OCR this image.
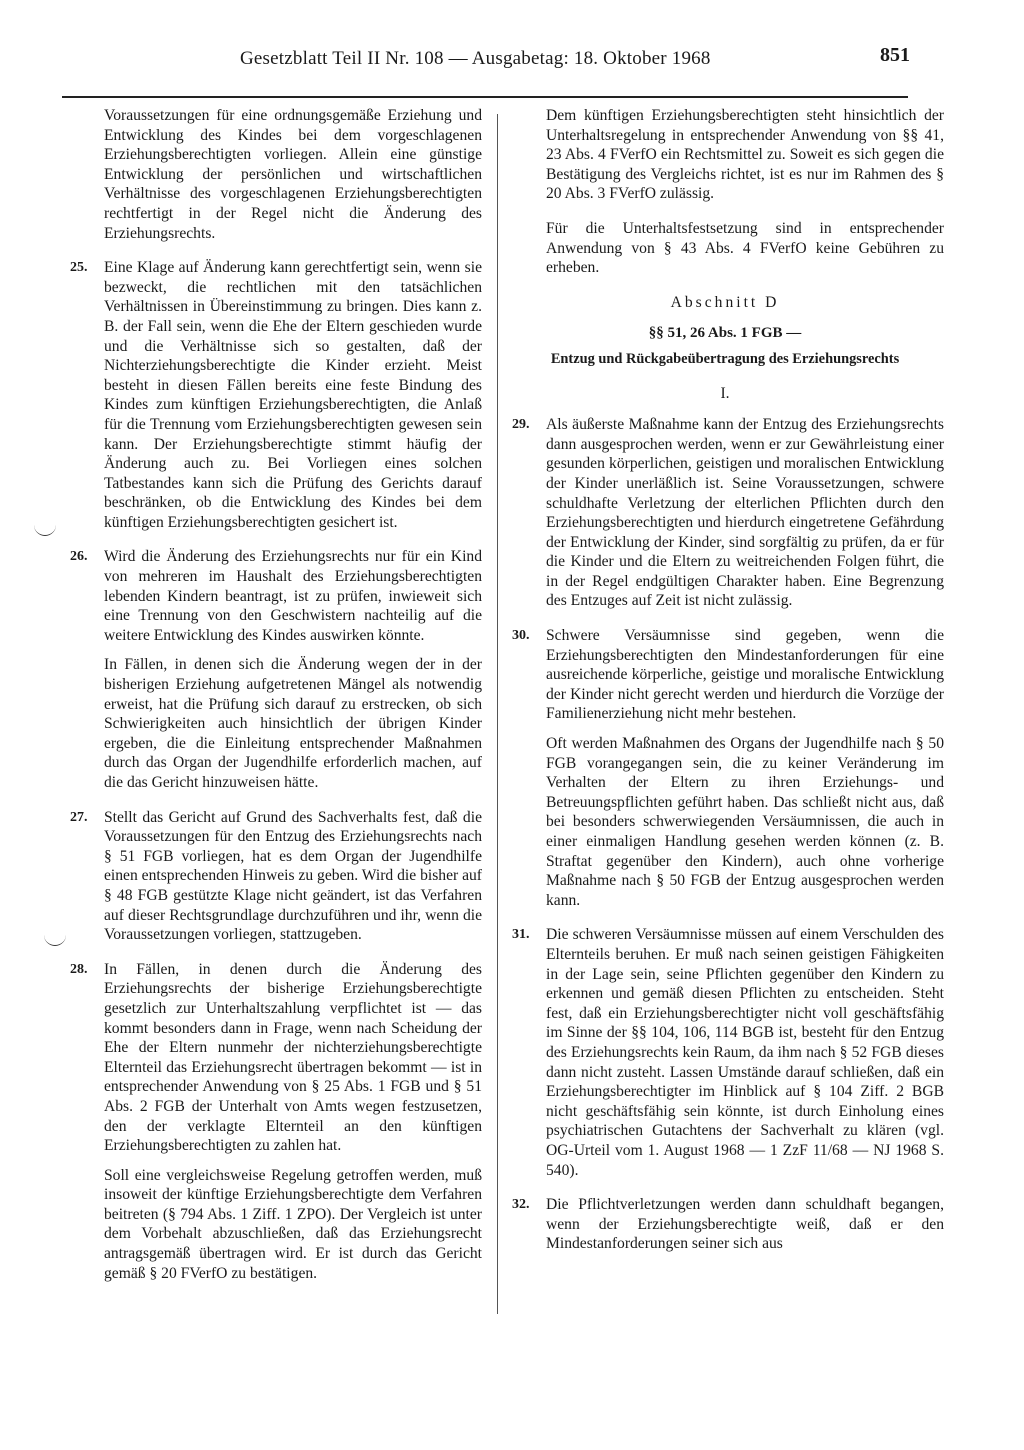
Gesetzblatt Teil II Nr. 108 — Ausgabetag: 18. Oktober 1968	851

Voraussetzungen für eine ordnungsgemäße Erziehung und Entwicklung des Kindes bei dem vorgeschlagenen Erziehungsberechtigten vorliegen. Allein eine günstige Entwicklung der persönlichen und wirtschaftlichen Verhältnisse des vorgeschlagenen Erziehungsberechtigten rechtfertigt in der Regel nicht die Änderung des Erziehungsrechts.

25. Eine Klage auf Änderung kann gerechtfertigt sein, wenn sie bezweckt, die rechtlichen mit den tatsächlichen Verhältnissen in Übereinstimmung zu bringen. Dies kann z. B. der Fall sein, wenn die Ehe der Eltern geschieden wurde und die Verhältnisse sich so gestalten, daß der Nichterziehungsberechtigte die Kinder erzieht. Meist besteht in diesen Fällen bereits eine feste Bindung des Kindes zum künftigen Erziehungsberechtigten, die Anlaß für die Trennung vom Erziehungsberechtigten gewesen sein kann. Der Erziehungsberechtigte stimmt häufig der Änderung auch zu. Bei Vorliegen eines solchen Tatbestandes kann sich die Prüfung des Gerichts darauf beschränken, ob die Entwicklung des Kindes bei dem künftigen Erziehungsberechtigten gesichert ist.
26. Wird die Änderung des Erziehungsrechts nur für ein Kind von mehreren im Haushalt des Erziehungsberechtigten lebenden Kindern beantragt, ist zu prüfen, inwieweit sich eine Trennung von den Geschwistern nachteilig auf die weitere Entwicklung des Kindes auswirken könnte.
In Fällen, in denen sich die Änderung wegen der in der bisherigen Erziehung aufgetretenen Mängel als notwendig erweist, hat die Prüfung sich darauf zu erstrecken, ob sich Schwierigkeiten auch hinsichtlich der übrigen Kinder ergeben, die die Einleitung entsprechender Maßnahmen durch das Organ der Jugendhilfe erforderlich machen, auf die das Gericht hinzuweisen hätte.
27. Stellt das Gericht auf Grund des Sachverhalts fest, daß die Voraussetzungen für den Entzug des Erziehungsrechts nach § 51 FGB vorliegen, hat es dem Organ der Jugendhilfe einen entsprechenden Hinweis zu geben. Wird die bisher auf § 48 FGB gestützte Klage nicht geändert, ist das Verfahren auf dieser Rechtsgrundlage durchzuführen und ihr, wenn die Voraussetzungen vorliegen, stattzugeben.
28. In Fällen, in denen durch die Änderung des Erziehungsrechts der bisherige Erziehungsberechtigte gesetzlich zur Unterhaltszahlung verpflichtet ist — das kommt besonders dann in Frage, wenn nach Scheidung der Ehe der Eltern nunmehr der nichterziehungsberechtigte Elternteil das Erziehungsrecht übertragen bekommt — ist in entsprechender Anwendung von § 25 Abs. 1 FGB und § 51 Abs. 2 FGB der Unterhalt von Amts wegen festzusetzen, den der verklagte Elternteil an den künftigen Erziehungsberechtigten zu zahlen hat.
Soll eine vergleichsweise Regelung getroffen werden, muß insoweit der künftige Erziehungsberechtigte dem Verfahren beitreten (§ 794 Abs. 1 Ziff. 1 ZPO). Der Vergleich ist unter dem Vorbehalt abzuschließen, daß das Erziehungsrecht antragsgemäß übertragen wird. Er ist durch das Gericht gemäß § 20 FVerfO zu bestätigen.

Dem künftigen Erziehungsberechtigten steht hinsichtlich der Unterhaltsregelung in entsprechender Anwendung von §§ 41, 23 Abs. 4 FVerfO ein Rechtsmittel zu. Soweit es sich gegen die Bestätigung des Vergleichs richtet, ist es nur im Rahmen des § 20 Abs. 3 FVerfO zulässig.

Für die Unterhaltsfestsetzung sind in entsprechender Anwendung von § 43 Abs. 4 FVerfO keine Gebühren zu erheben.

Abschnitt D
§§ 51, 26 Abs. 1 FGB —
Entzug und Rückgabeübertragung des Erziehungsrechts
I.
29. Als äußerste Maßnahme kann der Entzug des Erziehungsrechts dann ausgesprochen werden, wenn er zur Gewährleistung einer gesunden körperlichen, geistigen und moralischen Entwicklung der Kinder unerläßlich ist. Seine Voraussetzungen, schwere schuldhafte Verletzung der elterlichen Pflichten durch den Erziehungsberechtigten und hierdurch eingetretene Gefährdung der Entwicklung der Kinder, sind sorgfältig zu prüfen, da er für die Kinder und die Eltern zu weitreichenden Folgen führt, die in der Regel endgültigen Charakter haben. Eine Begrenzung des Entzuges auf Zeit ist nicht zulässig.
30. Schwere Versäumnisse sind gegeben, wenn die Erziehungsberechtigten den Mindestanforderungen für eine ausreichende körperliche, geistige und moralische Entwicklung der Kinder nicht gerecht werden und hierdurch die Vorzüge der Familienerziehung nicht mehr bestehen.
Oft werden Maßnahmen des Organs der Jugendhilfe nach § 50 FGB vorangegangen sein, die zu keiner Veränderung im Verhalten der Eltern zu ihren Erziehungs- und Betreuungspflichten geführt haben. Das schließt nicht aus, daß bei besonders schwerwiegenden Versäumnissen, die auch in einer einmaligen Handlung gesehen werden können (z. B. Straftat gegenüber den Kindern), auch ohne vorherige Maßnahme nach § 50 FGB der Entzug ausgesprochen werden kann.
31. Die schweren Versäumnisse müssen auf einem Verschulden des Elternteils beruhen. Er muß nach seinen geistigen Fähigkeiten in der Lage sein, seine Pflichten gegenüber den Kindern zu erkennen und gemäß diesen Pflichten zu entscheiden. Steht fest, daß ein Erziehungsberechtigter nicht voll geschäftsfähig im Sinne der §§ 104, 106, 114 BGB ist, besteht für den Entzug des Erziehungsrechts kein Raum, da ihm nach § 52 FGB dieses dann nicht zusteht. Lassen Umstände darauf schließen, daß ein Erziehungsberechtigter im Hinblick auf § 104 Ziff. 2 BGB nicht geschäftsfähig sein könnte, ist durch Einholung eines psychiatrischen Gutachtens der Sachverhalt zu klären (vgl. OG-Urteil vom 1. August 1968 — 1 ZzF 11/68 — NJ 1968 S. 540).
32. Die Pflichtverletzungen werden dann schuldhaft begangen, wenn der Erziehungsberechtigte weiß, daß er den Mindestanforderungen seiner sich aus
